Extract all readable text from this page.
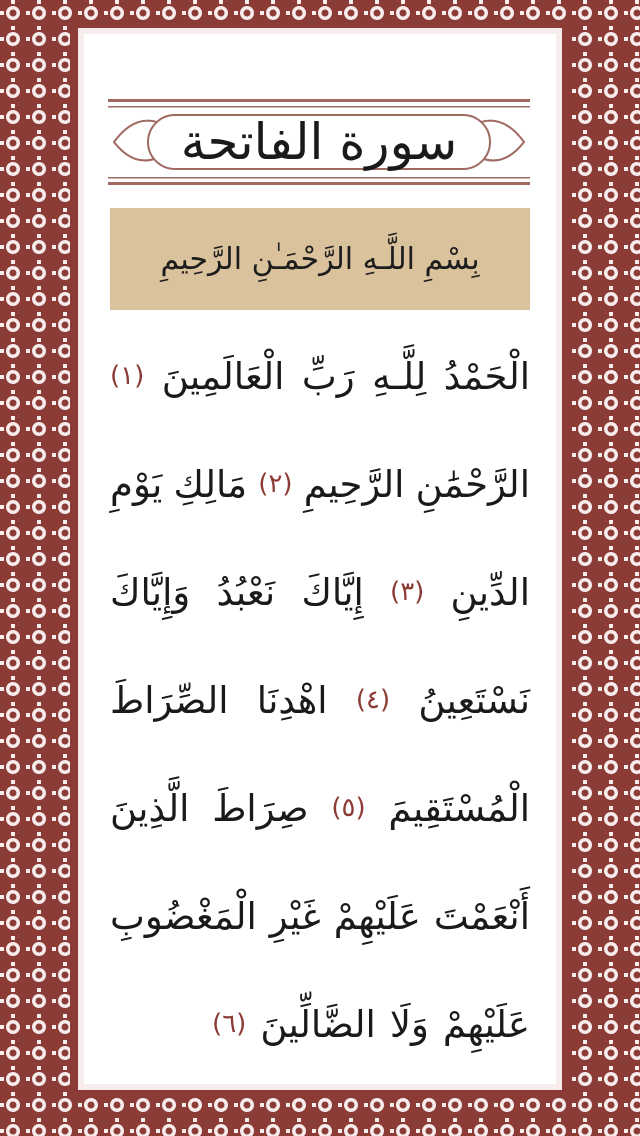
سورة الفاتحة
بِسْمِ اللَّـهِ الرَّحْمَـٰنِ الرَّحِيمِ
الْحَمْدُ
لِلَّـهِ
رَبِّ
الْعَالَمِينَ
(١)
الرَّحْمَٰنِ
الرَّحِيمِ
(٢)
مَالِكِ
يَوْمِ
الدِّينِ
(٣)
إِيَّاكَ
نَعْبُدُ
وَإِيَّاكَ
نَسْتَعِينُ
(٤)
اهْدِنَا
الصِّرَاطَ
الْمُسْتَقِيمَ
(٥)
صِرَاطَ
الَّذِينَ
أَنْعَمْتَ
عَلَيْهِمْ
غَيْرِ
الْمَغْضُوبِ
عَلَيْهِمْ
وَلَا
الضَّالِّينَ
(٦)
